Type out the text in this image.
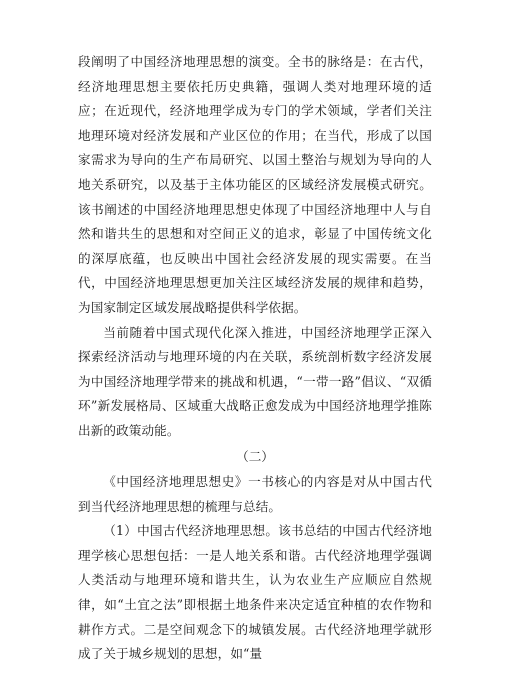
段阐明了中国经济地理思想的演变。全书的脉络是：在古代，经济地理思想主要依托历史典籍，强调人类对地理环境的适应；在近现代，经济地理学成为专门的学术领域，学者们关注地理环境对经济发展和产业区位的作用；在当代，形成了以国家需求为导向的生产布局研究、以国土整治与规划为导向的人地关系研究，以及基于主体功能区的区域经济发展模式研究。该书阐述的中国经济地理思想史体现了中国经济地理中人与自然和谐共生的思想和对空间正义的追求，彰显了中国传统文化的深厚底蕴，也反映出中国社会经济发展的现实需要。在当代，中国经济地理思想更加关注区域经济发展的规律和趋势，为国家制定区域发展战略提供科学依据。

当前随着中国式现代化深入推进，中国经济地理学正深入探索经济活动与地理环境的内在关联，系统剖析数字经济发展为中国经济地理学带来的挑战和机遇，“一带一路”倡议、“双循环”新发展格局、区域重大战略正愈发成为中国经济地理学推陈出新的政策动能。

（二）

《中国经济地理思想史》一书核心的内容是对从中国古代到当代经济地理思想的梳理与总结。

（1）中国古代经济地理思想。该书总结的中国古代经济地理学核心思想包括：一是人地关系和谐。古代经济地理学强调人类活动与地理环境和谐共生，认为农业生产应顺应自然规律，如“土宜之法”即根据土地条件来决定适宜种植的农作物和耕作方式。二是空间观念下的城镇发展。古代经济地理学就形成了关于城乡规划的思想，如“量
